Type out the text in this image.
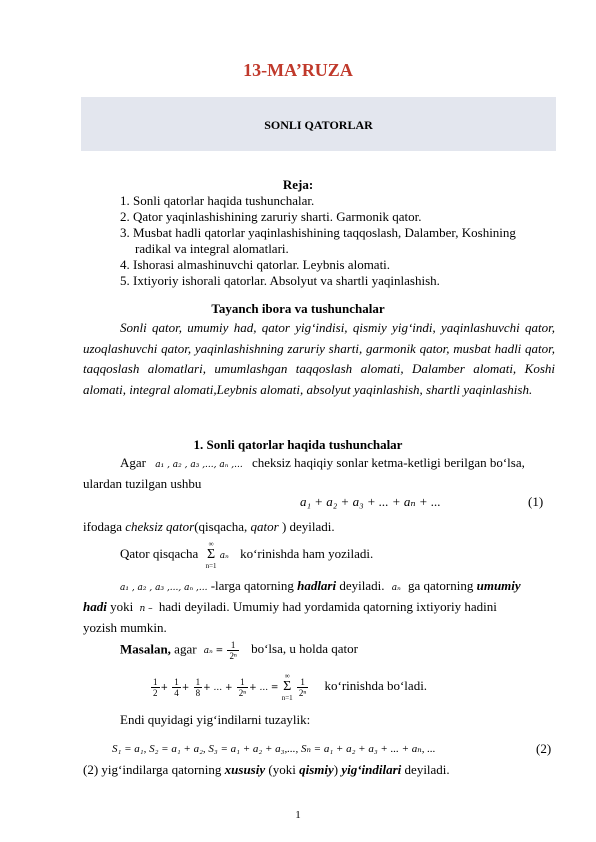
13-MA’RUZA
SONLI QATORLAR
Reja:
1. Sonli qatorlar haqida tushunchalar.
2. Qator yaqinlashishining zaruriy sharti. Garmonik qator.
3. Musbat hadli qatorlar yaqinlashishining taqqoslash, Dalamber, Koshining radikal va integral alomatlari.
4. Ishorasi almashinuvchi qatorlar. Leybnis alomati.
5. Ixtiyoriy ishorali qatorlar. Absolyut va shartli yaqinlashish.
Tayanch ibora va tushunchalar

Sonli qator, umumiy had, qator yig‘indisi, qismiy yig‘indi, yaqinlashuvchi qator, uzoqlashuvchi qator, yaqinlashishning zaruriy sharti, garmonik qator, musbat hadli qator, taqqoslash alomatlari, umumlashgan taqqoslash alomati, Dalamber alomati, Koshi alomati, integral alomati,Leybnis alomati, absolyut yaqinlashish, shartli yaqinlashish.

1. Sonli qatorlar haqida tushunchalar
Agar a₁ , a₂ , a₃ ,..., aₙ ,... cheksiz haqiqiy sonlar ketma-ketligi berilgan bo‘lsa,
ulardan tuzilgan ushbu
a₁ + a₂ + a₃ + ... + aₙ + ...	(1)
ifodaga cheksiz qator(qisqacha, qator ) deyiladi.
Qator qisqacha ∞
Σ
n=1 aₙ ko‘rinishda ham yoziladi.
a₁ , a₂ , a₃ ,..., aₙ ,... -larga qatorning hadlari deyiladi. aₙ ga qatorning umumiy
hadi yoki n – hadi deyiladi. Umumiy had yordamida qatorning ixtiyoriy hadini
yozish mumkin.
Masalan, agar $a_n = \frac{1}{\text{2ⁿ}}$ bo‘lsa, u holda qator
$\frac{1}{2} + \frac{1}{4} + \frac{1}{8}$ + ... + $\frac{1}{\text{2ⁿ}}$ + ... = ∞
Σ
n=1
$\frac{1}{\text{2ⁿ}}$ ko‘rinishda bo‘ladi.
Endi quyidagi yig‘indilarni tuzaylik:
S₁ = a₁, S₂ = a₁ + a₂, S₃ = a₁ + a₂ + a₃,..., Sₙ = a₁ + a₂ + a₃ + ... + aₙ, ...	(2)
(2) yig‘indilarga qatorning xususiy (yoki qismiy) yig‘indilari deyiladi.
1
